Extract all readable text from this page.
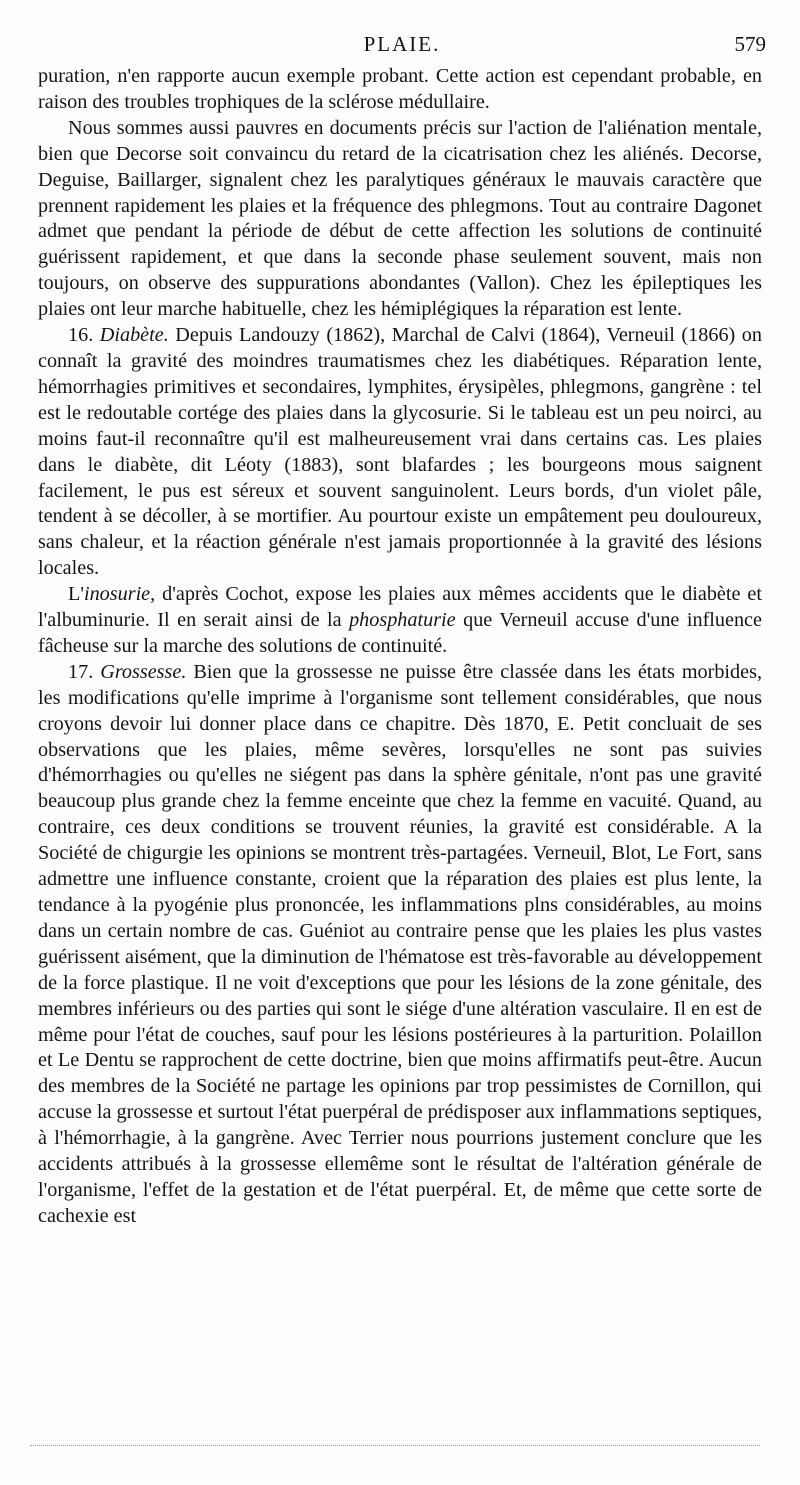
PLAIE.	579

puration, n'en rapporte aucun exemple probant. Cette action est cependant probable, en raison des troubles trophiques de la sclérose médullaire.

Nous sommes aussi pauvres en documents précis sur l'action de l'aliénation mentale, bien que Decorse soit convaincu du retard de la cicatrisation chez les aliénés. Decorse, Deguise, Baillarger, signalent chez les paralytiques généraux le mauvais caractère que prennent rapidement les plaies et la fréquence des phlegmons. Tout au contraire Dagonet admet que pendant la période de début de cette affection les solutions de continuité guérissent rapidement, et que dans la seconde phase seulement souvent, mais non toujours, on observe des suppurations abondantes (Vallon). Chez les épileptiques les plaies ont leur marche habituelle, chez les hémiplégiques la réparation est lente.

16. Diabète. Depuis Landouzy (1862), Marchal de Calvi (1864), Verneuil (1866) on connaît la gravité des moindres traumatismes chez les diabétiques. Réparation lente, hémorrhagies primitives et secondaires, lymphites, érysipèles, phlegmons, gangrène : tel est le redoutable cortége des plaies dans la glycosurie. Si le tableau est un peu noirci, au moins faut-il reconnaître qu'il est malheureusement vrai dans certains cas. Les plaies dans le diabète, dit Léoty (1883), sont blafardes ; les bourgeons mous saignent facilement, le pus est séreux et souvent sanguinolent. Leurs bords, d'un violet pâle, tendent à se décoller, à se mortifier. Au pourtour existe un empâtement peu douloureux, sans chaleur, et la réaction générale n'est jamais proportionnée à la gravité des lésions locales.

L'inosurie, d'après Cochot, expose les plaies aux mêmes accidents que le diabète et l'albuminurie. Il en serait ainsi de la phosphaturie que Verneuil accuse d'une influence fâcheuse sur la marche des solutions de continuité.

17. Grossesse. Bien que la grossesse ne puisse être classée dans les états morbides, les modifications qu'elle imprime à l'organisme sont tellement considérables, que nous croyons devoir lui donner place dans ce chapitre. Dès 1870, E. Petit concluait de ses observations que les plaies, même sevères, lorsqu'elles ne sont pas suivies d'hémorrhagies ou qu'elles ne siégent pas dans la sphère génitale, n'ont pas une gravité beaucoup plus grande chez la femme enceinte que chez la femme en vacuité. Quand, au contraire, ces deux conditions se trouvent réunies, la gravité est considérable. A la Société de chigurgie les opinions se montrent très-partagées. Verneuil, Blot, Le Fort, sans admettre une influence constante, croient que la réparation des plaies est plus lente, la tendance à la pyogénie plus prononcée, les inflammations plns considérables, au moins dans un certain nombre de cas. Guéniot au contraire pense que les plaies les plus vastes guérissent aisément, que la diminution de l'hématose est très-favorable au développement de la force plastique. Il ne voit d'exceptions que pour les lésions de la zone génitale, des membres inférieurs ou des parties qui sont le siége d'une altération vasculaire. Il en est de même pour l'état de couches, sauf pour les lésions postérieures à la parturition. Polaillon et Le Dentu se rapprochent de cette doctrine, bien que moins affirmatifs peut-être. Aucun des membres de la Société ne partage les opinions par trop pessimistes de Cornillon, qui accuse la grossesse et surtout l'état puerpéral de prédisposer aux inflammations septiques, à l'hémorrhagie, à la gangrène. Avec Terrier nous pourrions justement conclure que les accidents attribués à la grossesse ellemême sont le résultat de l'altération générale de l'organisme, l'effet de la gestation et de l'état puerpéral. Et, de même que cette sorte de cachexie est
